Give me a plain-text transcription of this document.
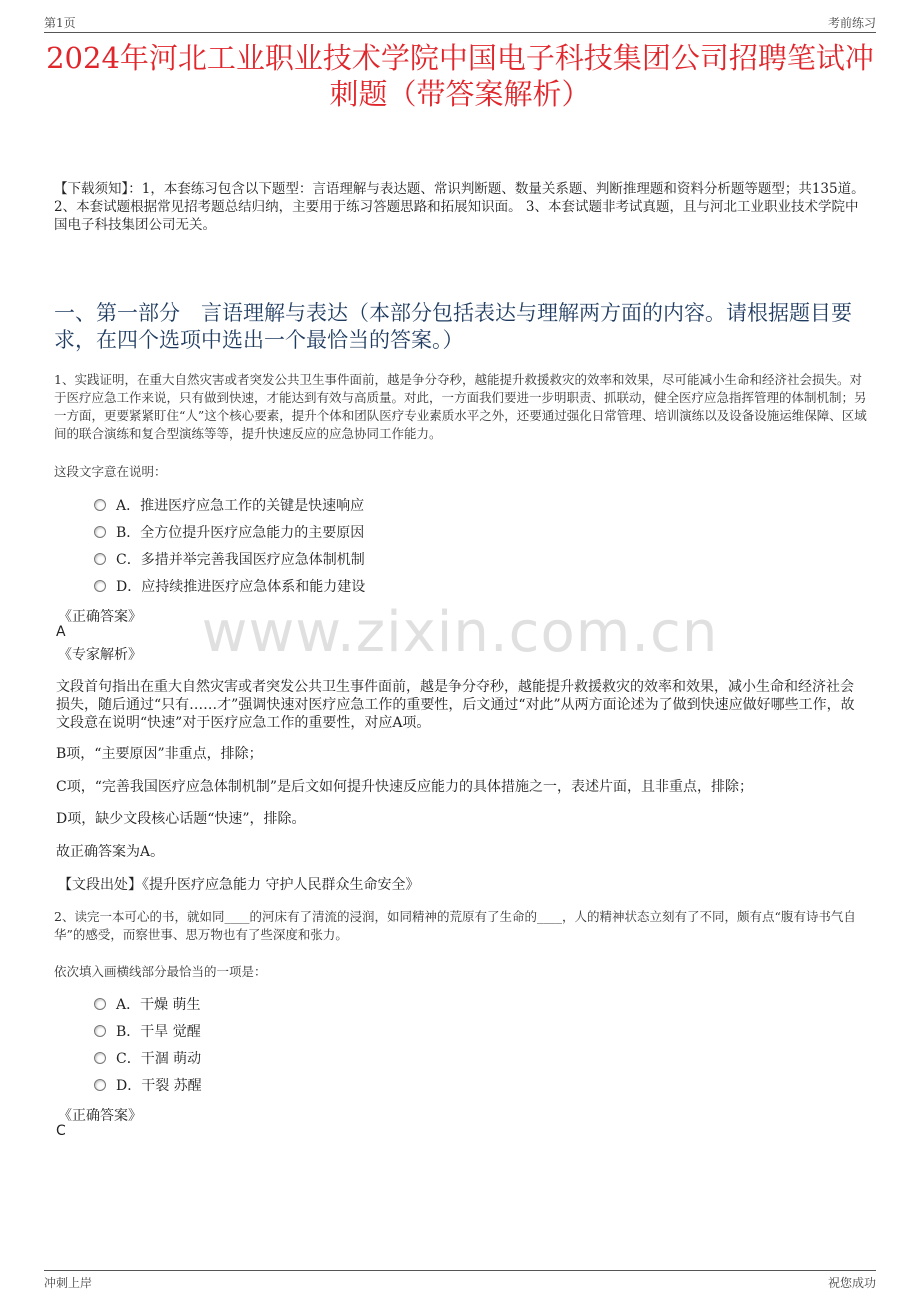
第1页	考前练习
2024年河北工业职业技术学院中国电子科技集团公司招聘笔试冲刺题（带答案解析）
【下载须知】：1，本套练习包含以下题型：言语理解与表达题、常识判断题、数量关系题、判断推理题和资料分析题等题型；共135道。 2、本套试题根据常见招考题总结归纳，主要用于练习答题思路和拓展知识面。 3、本套试题非考试真题，且与河北工业职业技术学院中国电子科技集团公司无关。
一、第一部分　言语理解与表达（本部分包括表达与理解两方面的内容。请根据题目要求，在四个选项中选出一个最恰当的答案。）
1、实践证明，在重大自然灾害或者突发公共卫生事件面前，越是争分夺秒，越能提升救援救灾的效率和效果，尽可能减小生命和经济社会损失。对于医疗应急工作来说，只有做到快速，才能达到有效与高质量。对此，一方面我们要进一步明职责、抓联动，健全医疗应急指挥管理的体制机制；另一方面，更要紧紧盯住“人”这个核心要素，提升个体和团队医疗专业素质水平之外，还要通过强化日常管理、培训演练以及设备设施运维保障、区域间的联合演练和复合型演练等等，提升快速反应的应急协同工作能力。
这段文字意在说明：
A．推进医疗应急工作的关键是快速响应
B．全方位提升医疗应急能力的主要原因
C．多措并举完善我国医疗应急体制机制
D．应持续推进医疗应急体系和能力建设
《正确答案》
A
《专家解析》
文段首句指出在重大自然灾害或者突发公共卫生事件面前，越是争分夺秒，越能提升救援救灾的效率和效果，减小生命和经济社会损失，随后通过“只有……才”强调快速对医疗应急工作的重要性，后文通过“对此”从两方面论述为了做到快速应做好哪些工作，故文段意在说明“快速”对于医疗应急工作的重要性，对应A项。
B项，“主要原因”非重点，排除；
C项，“完善我国医疗应急体制机制”是后文如何提升快速反应能力的具体措施之一，表述片面，且非重点，排除；
D项，缺少文段核心话题“快速”，排除。
故正确答案为A。
【文段出处】《提升医疗应急能力 守护人民群众生命安全》
2、读完一本可心的书，就如同____的河床有了清流的浸润，如同精神的荒原有了生命的____，人的精神状态立刻有了不同，颇有点“腹有诗书气自华”的感受，而察世事、思万物也有了些深度和张力。
依次填入画横线部分最恰当的一项是：
A．干燥 萌生
B．干旱 觉醒
C．干涸 萌动
D．干裂 苏醒
《正确答案》
C
www.zixin.com.cn
冲刺上岸	祝您成功
